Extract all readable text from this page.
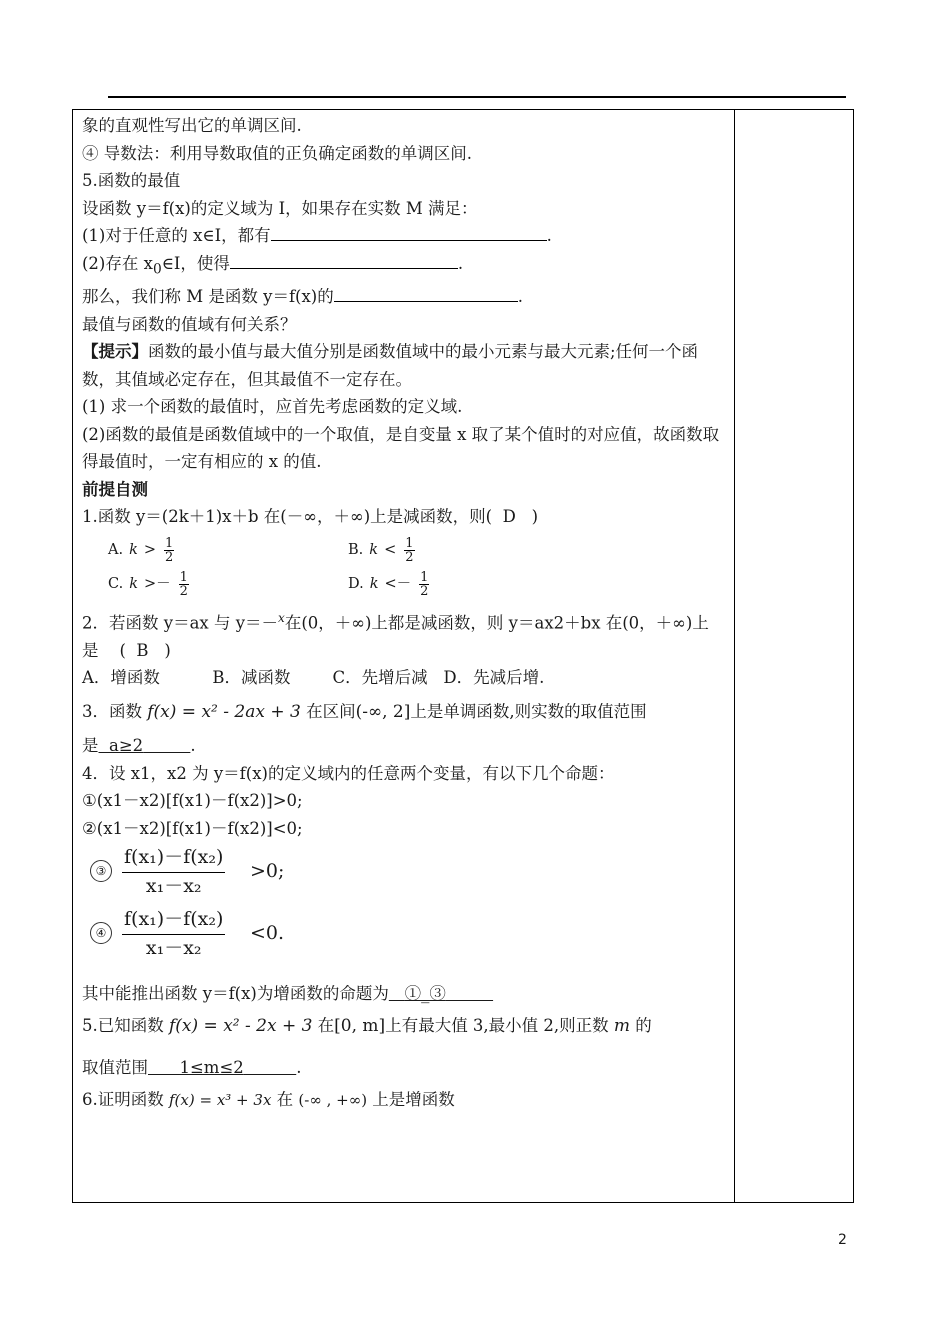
象的直观性写出它的单调区间.

④ 导数法：利用导数取值的正负确定函数的单调区间.

5.函数的最值

设函数 y＝f(x)的定义域为 I，如果存在实数 M 满足：

(1)对于任意的 x∈I，都有	.

(2)存在 $x_0\in I$，使得	.

那么，我们称 M 是函数 y＝f(x)的	.

最值与函数的值域有何关系？

【提示】函数的最小值与最大值分别是函数值域中的最小元素与最大元素;任何一个函数，其值域必定存在，但其最值不一定存在。

(1) 求一个函数的最值时，应首先考虑函数的定义域.

(2)函数的最值是函数值域中的一个取值，是自变量 x 取了某个值时的对应值，故函数取得最值时，一定有相应的 x 的值.

前提自测

1.函数 y＝(2k＋1)x＋b 在(－∞，＋∞)上是减函数，则( D )

A. $k > \frac{1}{2}$	B. $k < \frac{1}{2}$
C. $k >- \frac{1}{2}$	D. $k <- \frac{1}{2}$

2．若函数 y＝ax 与 y＝－$^x$在(0，＋∞)上都是减函数，则 y＝ax2＋bx 在(0，＋∞)上是 ( B )

A．增函数	B．减函数	C．先增后减 D．先减后增.

3．函数 f(x) = x² - 2ax + 3 在区间(-∞, 2]上是单调函数,则实数的取值范围

是 a≥2	.

4．设 x1，x2 为 y＝f(x)的定义域内的任意两个变量，有以下几个命题：

①(x1－x2)[f(x1)－f(x2)]>0;

②(x1－x2)[f(x1)－f(x2)]<0;

③ $\frac{\text{f(x₁)－f(x₂)}}{\text{x₁－x₂}} >0$;
④ $\frac{\text{f(x₁)－f(x₂)}}{\text{x₁－x₂}} <0$.

其中能推出函数 y＝f(x)为增函数的命题为 ①_③

5.已知函数 f(x) = x² - 2x + 3 在[0, m]上有最大值 3,最小值 2,则正数 m 的

取值范围 1≤m≤2	.

6.证明函数 f(x) = x³ + 3x 在 (-∞ , +∞) 上是增函数

2
